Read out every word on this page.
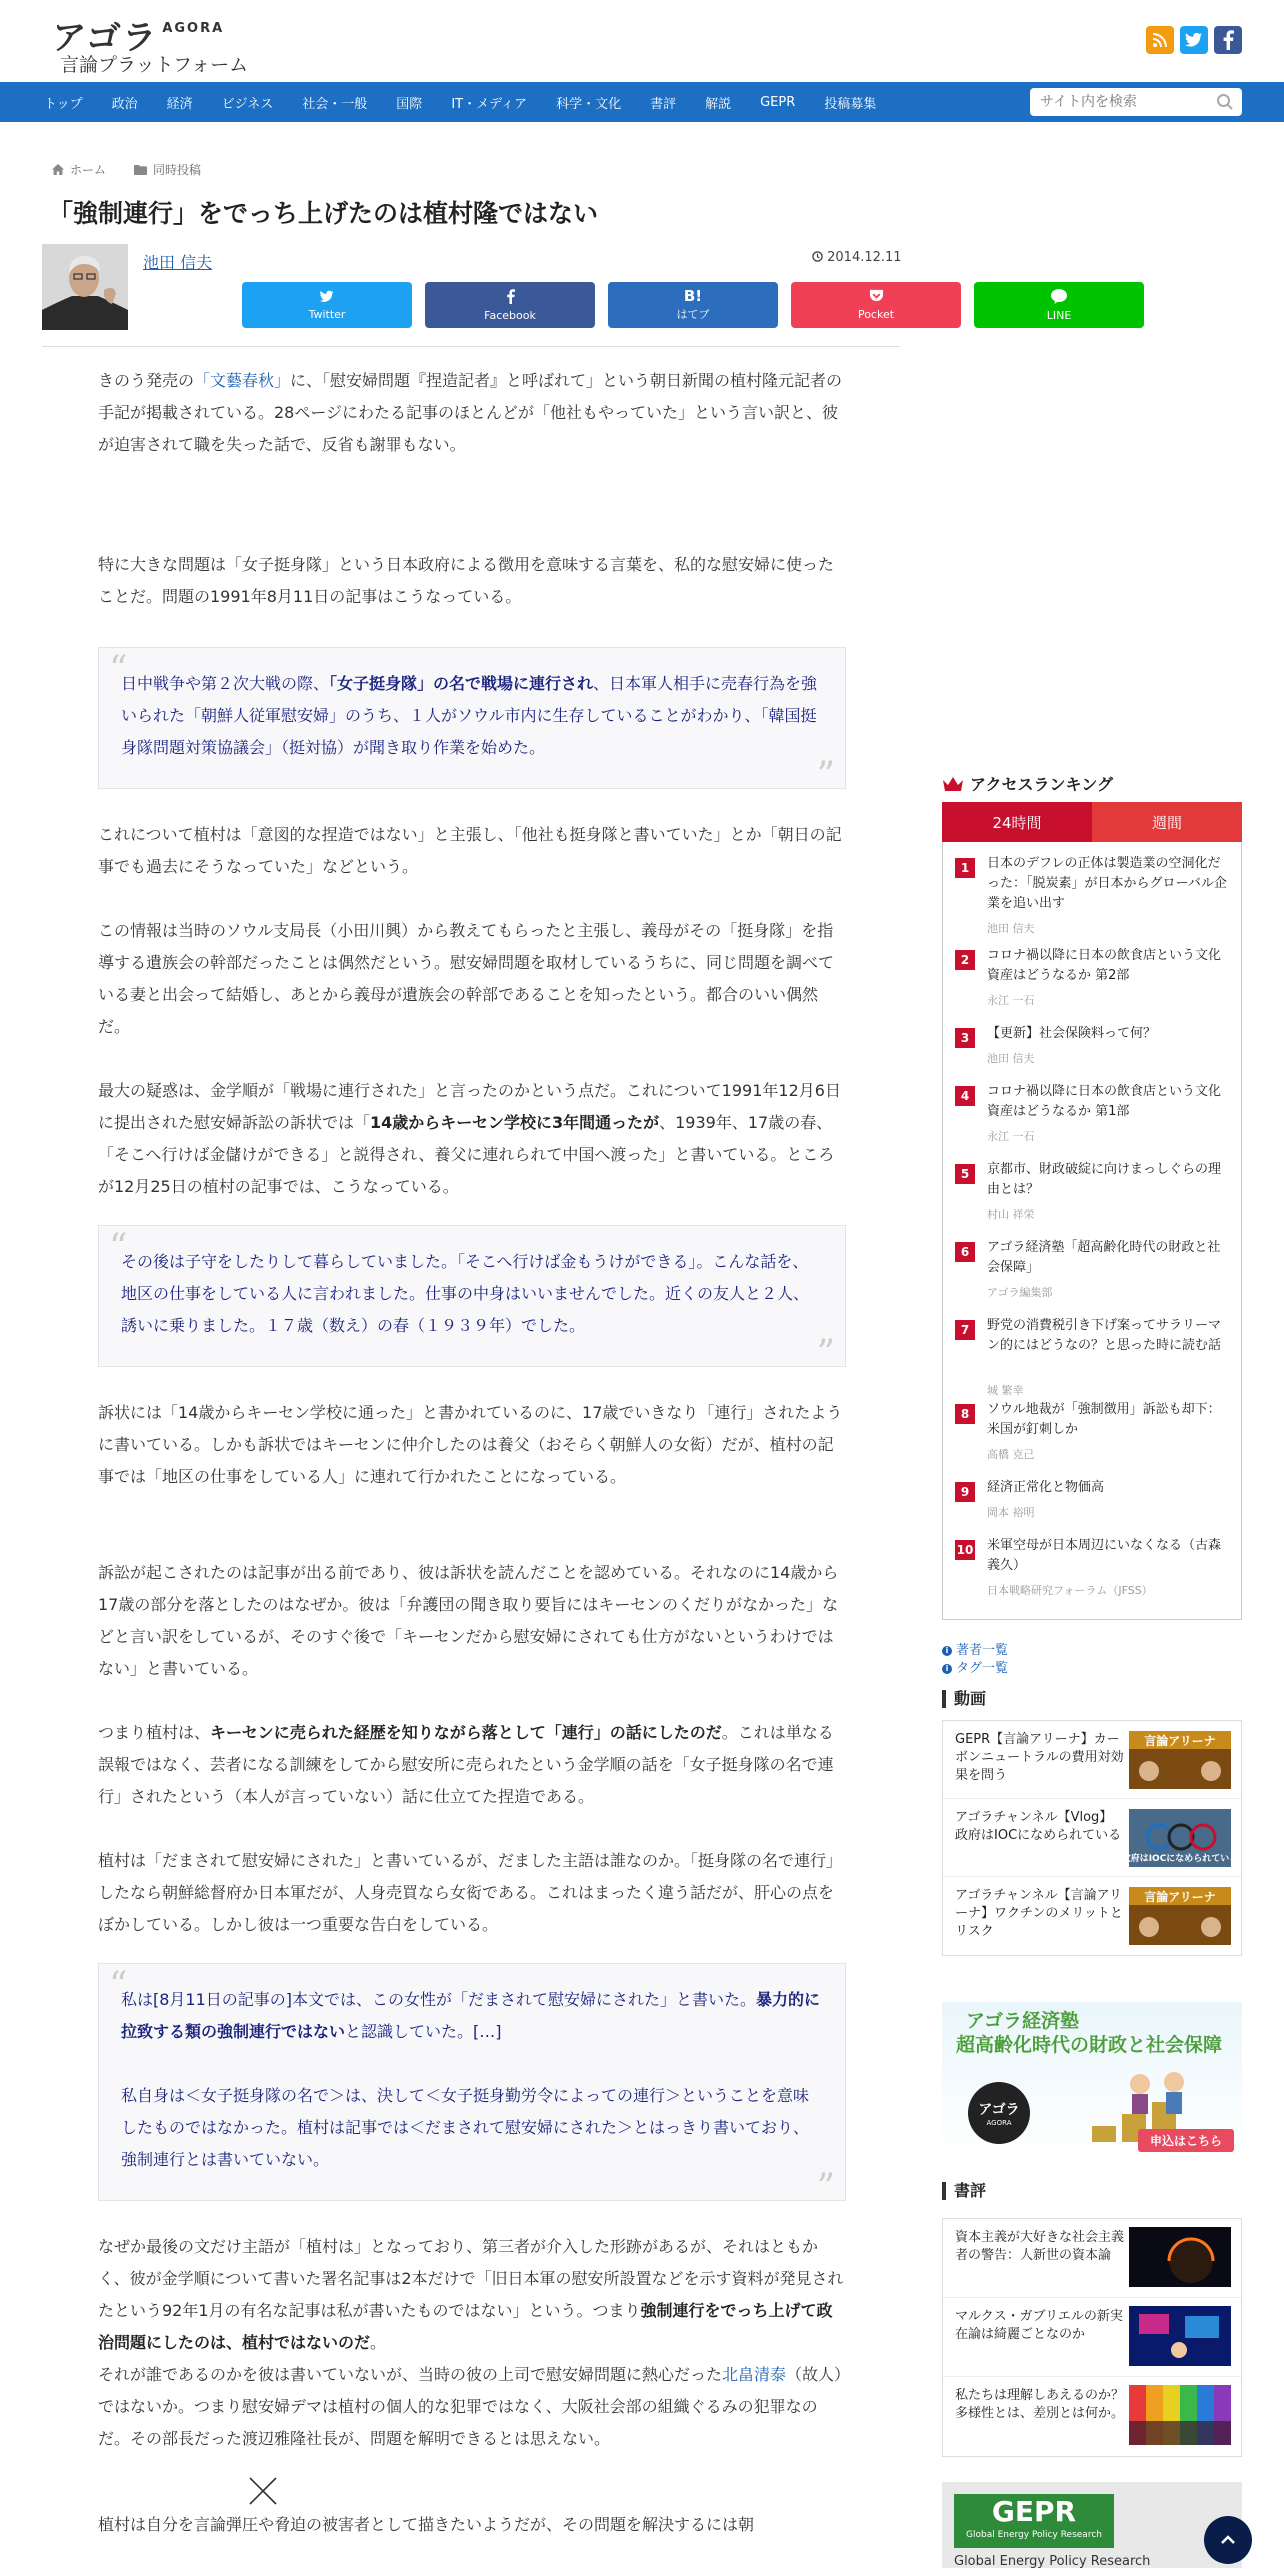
アゴラ AGORA
言論プラットフォーム
トップ 政治 経済 ビジネス 社会・一般 国際 IT・メディア 科学・文化 書評 解説 GEPR 投稿募集
サイト内を検索
ホーム	同時投稿
「強制連行」をでっち上げたのは植村隆ではない
池田 信夫	2014.12.11
Twitter	Facebook
B!
はてブ	Pocket	LINE

きのう発売の「文藝春秋」に、「慰安婦問題『捏造記者』と呼ばれて」という朝日新聞の植村隆元記者の手記が掲載されている。28ページにわたる記事のほとんどが「他社もやっていた」という言い訳と、彼が迫害されて職を失った話で、反省も謝罪もない。

特に大きな問題は「女子挺身隊」という日本政府による徴用を意味する言葉を、私的な慰安婦に使ったことだ。問題の1991年8月11日の記事はこうなっている。

“

日中戦争や第２次大戦の際、「女子挺身隊」の名で戦場に連行され、日本軍人相手に売春行為を強いられた「朝鮮人従軍慰安婦」のうち、１人がソウル市内に生存していることがわかり、「韓国挺身隊問題対策協議会」（挺対協）が聞き取り作業を始めた。

”

これについて植村は「意図的な捏造ではない」と主張し、「他社も挺身隊と書いていた」とか「朝日の記事でも過去にそうなっていた」などという。

この情報は当時のソウル支局長（小田川興）から教えてもらったと主張し、義母がその「挺身隊」を指導する遺族会の幹部だったことは偶然だという。慰安婦問題を取材しているうちに、同じ問題を調べている妻と出会って結婚し、あとから義母が遺族会の幹部であることを知ったという。都合のいい偶然だ。

最大の疑惑は、金学順が「戦場に連行された」と言ったのかという点だ。これについて1991年12月6日に提出された慰安婦訴訟の訴状では「14歳からキーセン学校に3年間通ったが、1939年、17歳の春、「そこへ行けば金儲けができる」と説得され、養父に連れられて中国へ渡った」と書いている。ところが12月25日の植村の記事では、こうなっている。

“

その後は子守をしたりして暮らしていました。「そこへ行けば金もうけができる」。こんな話を、地区の仕事をしている人に言われました。仕事の中身はいいませんでした。近くの友人と２人、誘いに乗りました。１７歳（数え）の春（１９３９年）でした。

”

訴状には「14歳からキーセン学校に通った」と書かれているのに、17歳でいきなり「連行」されたように書いている。しかも訴状ではキーセンに仲介したのは養父（おそらく朝鮮人の女衒）だが、植村の記事では「地区の仕事をしている人」に連れて行かれたことになっている。

訴訟が起こされたのは記事が出る前であり、彼は訴状を読んだことを認めている。それなのに14歳から17歳の部分を落としたのはなぜか。彼は「弁護団の聞き取り要旨にはキーセンのくだりがなかった」などと言い訳をしているが、そのすぐ後で「キーセンだから慰安婦にされても仕方がないというわけではない」と書いている。

つまり植村は、キーセンに売られた経歴を知りながら落として「連行」の話にしたのだ。これは単なる誤報ではなく、芸者になる訓練をしてから慰安所に売られたという金学順の話を「女子挺身隊の名で連行」されたという（本人が言っていない）話に仕立てた捏造である。

植村は「だまされて慰安婦にされた」と書いているが、だました主語は誰なのか。「挺身隊の名で連行」したなら朝鮮総督府か日本軍だが、人身売買なら女衒である。これはまったく違う話だが、肝心の点をぼかしている。しかし彼は一つ重要な告白をしている。

“

私は[8月11日の記事の]本文では、この女性が「だまされて慰安婦にされた」と書いた。暴力的に拉致する類の強制連行ではないと認識していた。[…]

私自身は＜女子挺身隊の名で＞は、決して＜女子挺身勤労令によっての連行＞ということを意味したものではなかった。植村は記事では＜だまされて慰安婦にされた＞とはっきり書いており、強制連行とは書いていない。

”

なぜか最後の文だけ主語が「植村は」となっており、第三者が介入した形跡があるが、それはともかく、彼が金学順について書いた署名記事は2本だけで「旧日本軍の慰安所設置などを示す資料が発見されたという92年1月の有名な記事は私が書いたものではない」という。つまり強制連行をでっち上げて政治問題にしたのは、植村ではないのだ。

それが誰であるのかを彼は書いていないが、当時の彼の上司で慰安婦問題に熱心だった北畠清泰（故人）ではないか。つまり慰安婦デマは植村の個人的な犯罪ではなく、大阪社会部の組織ぐるみの犯罪なのだ。その部長だった渡辺雅隆社長が、問題を解明できるとは思えない。

植村は自分を言論弾圧や脅迫の被害者として描きたいようだが、その問題を解決するには朝

アクセスランキング
24時間	週間
1	日本のデフレの正体は製造業の空洞化だった：「脱炭素」が日本からグローバル企業を追い出す
池田 信夫
2	コロナ禍以降に日本の飲食店という文化資産はどうなるか 第2部
永江 一石
3	【更新】社会保険料って何？
池田 信夫
4	コロナ禍以降に日本の飲食店という文化資産はどうなるか 第1部
永江 一石
5	京都市、財政破綻に向けまっしぐらの理由とは？
村山 祥栄
6	アゴラ経済塾「超高齢化時代の財政と社会保障」
アゴラ編集部
7	野党の消費税引き下げ案ってサラリーマン的にはどうなの？と思った時に読む話
城 繁幸
8	ソウル地裁が「強制徴用」訴訟も却下：米国が釘刺しか
高橋 克己
9	経済正常化と物価高
岡本 裕明
10 米軍空母が日本周辺にいなくなる（古森 義久）
日本戦略研究フォーラム（JFSS）
i 著者一覧
i タグ一覧
動画
GEPR【言論アリーナ】カーボンニュートラルの費用対効果を問う
言論アリーナ
アゴラチャンネル【Vlog】政府はIOCになめられている
政府はIOCになめられている
アゴラチャンネル【言論アリーナ】ワクチンのメリットとリスク
言論アリーナ
アゴラ経済塾
超高齢化時代の財政と社会保障
アゴラ
AGORA
申込はこちら
書評
資本主義が大好きな社会主義者の警告：人新世の資本論
マルクス・ガブリエルの新実在論は綺麗ごとなのか
私たちは理解しあえるのか？多様性とは、差別とは何か。
GEPR
Global Energy Policy Research
Global Energy Policy Research
